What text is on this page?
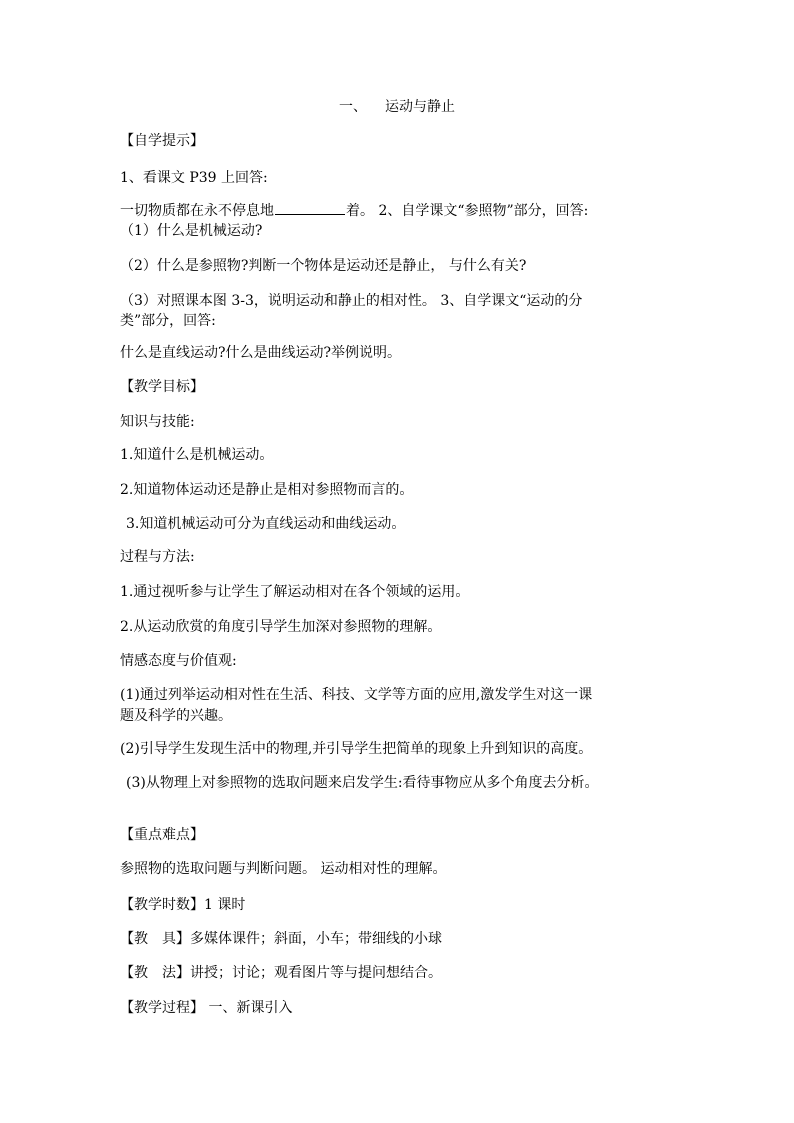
一、 运动与静止
【自学提示】
1、看课文 P39 上回答:
一切物质都在永不停息地	着。 2、自学课文“参照物”部分，回答:
（1）什么是机械运动?
（2）什么是参照物?判断一个物体是运动还是静止， 与什么有关?
（3）对照课本图 3-3，说明运动和静止的相对性。 3、自学课文“运动的分
类”部分，回答:
什么是直线运动?什么是曲线运动?举例说明。
【教学目标】
知识与技能:
1.知道什么是机械运动。
2.知道物体运动还是静止是相对参照物而言的。
3.知道机械运动可分为直线运动和曲线运动。
过程与方法:
1.通过视听参与让学生了解运动相对在各个领域的运用。
2.从运动欣赏的角度引导学生加深对参照物的理解。
情感态度与价值观:
(1)通过列举运动相对性在生活、科技、文学等方面的应用,激发学生对这一课
题及科学的兴趣。
(2)引导学生发现生活中的物理,并引导学生把简单的现象上升到知识的高度。
(3)从物理上对参照物的选取问题来启发学生:看待事物应从多个角度去分析。
【重点难点】
参照物的选取问题与判断问题。 运动相对性的理解。
【教学时数】1 课时
【教　具】多媒体课件；斜面，小车；带细线的小球
【教　法】讲授；讨论；观看图片等与提问想结合。
【教学过程】 一、新课引入
